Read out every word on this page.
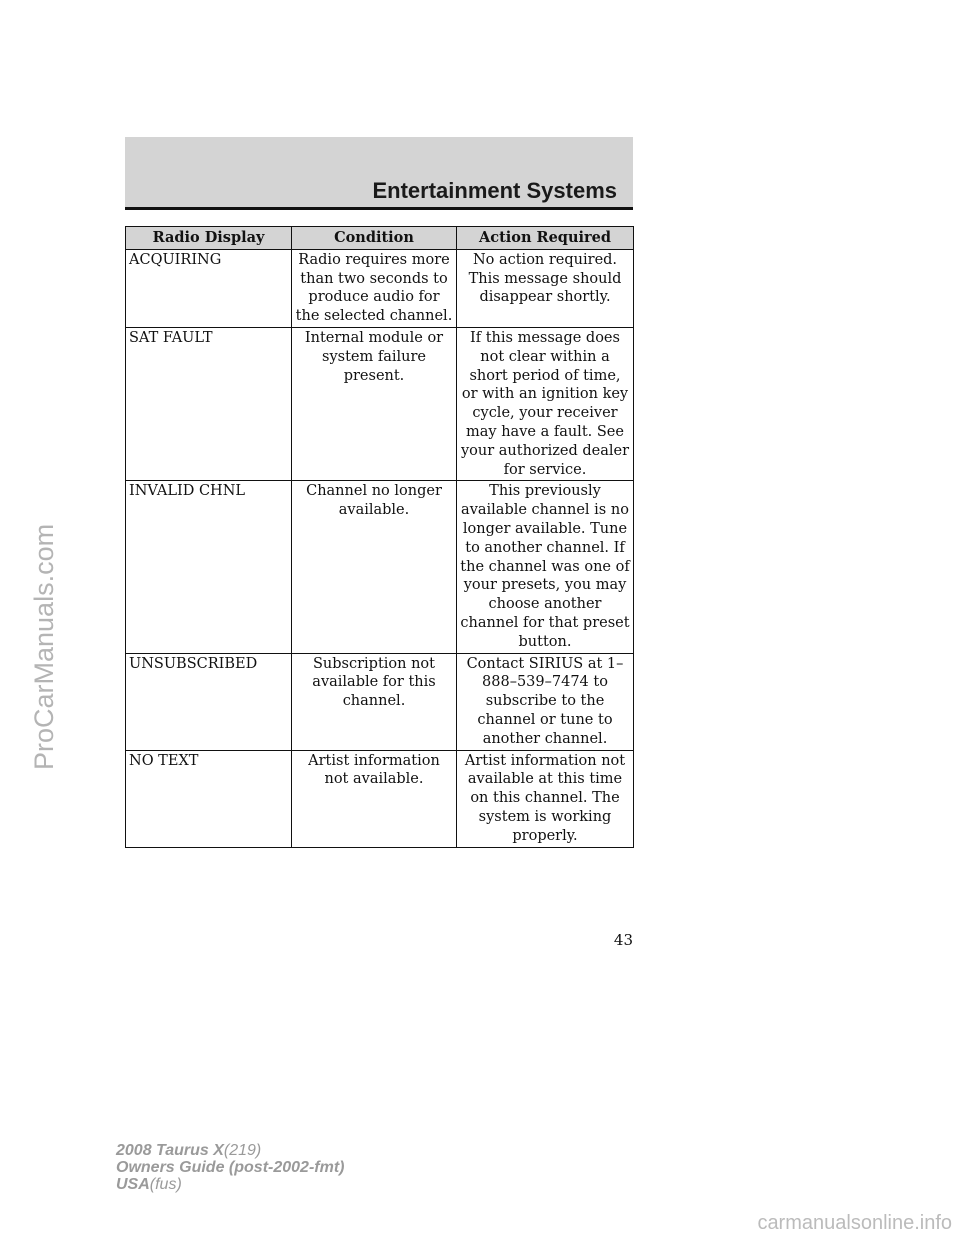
Entertainment Systems
Radio Display	Condition	Action Required
ACQUIRING	Radio requires more than two seconds to produce audio for the selected channel.	No action required. This message should disappear shortly.
SAT FAULT	Internal module or system failure present.	If this message does not clear within a short period of time, or with an ignition key cycle, your receiver may have a fault. See your authorized dealer for service.
INVALID CHNL	Channel no longer available.	This previously available channel is no longer available. Tune to another channel. If the channel was one of your presets, you may choose another channel for that preset button.
UNSUBSCRIBED	Subscription not available for this channel.	Contact SIRIUS at 1–888–539–7474 to subscribe to the channel or tune to another channel.
NO TEXT	Artist information not available.	Artist information not available at this time on this channel. The system is working properly.
43
2008 Taurus X(219)
Owners Guide (post-2002-fmt)
USA(fus)
ProCarManuals.com
carmanualsonline.info
